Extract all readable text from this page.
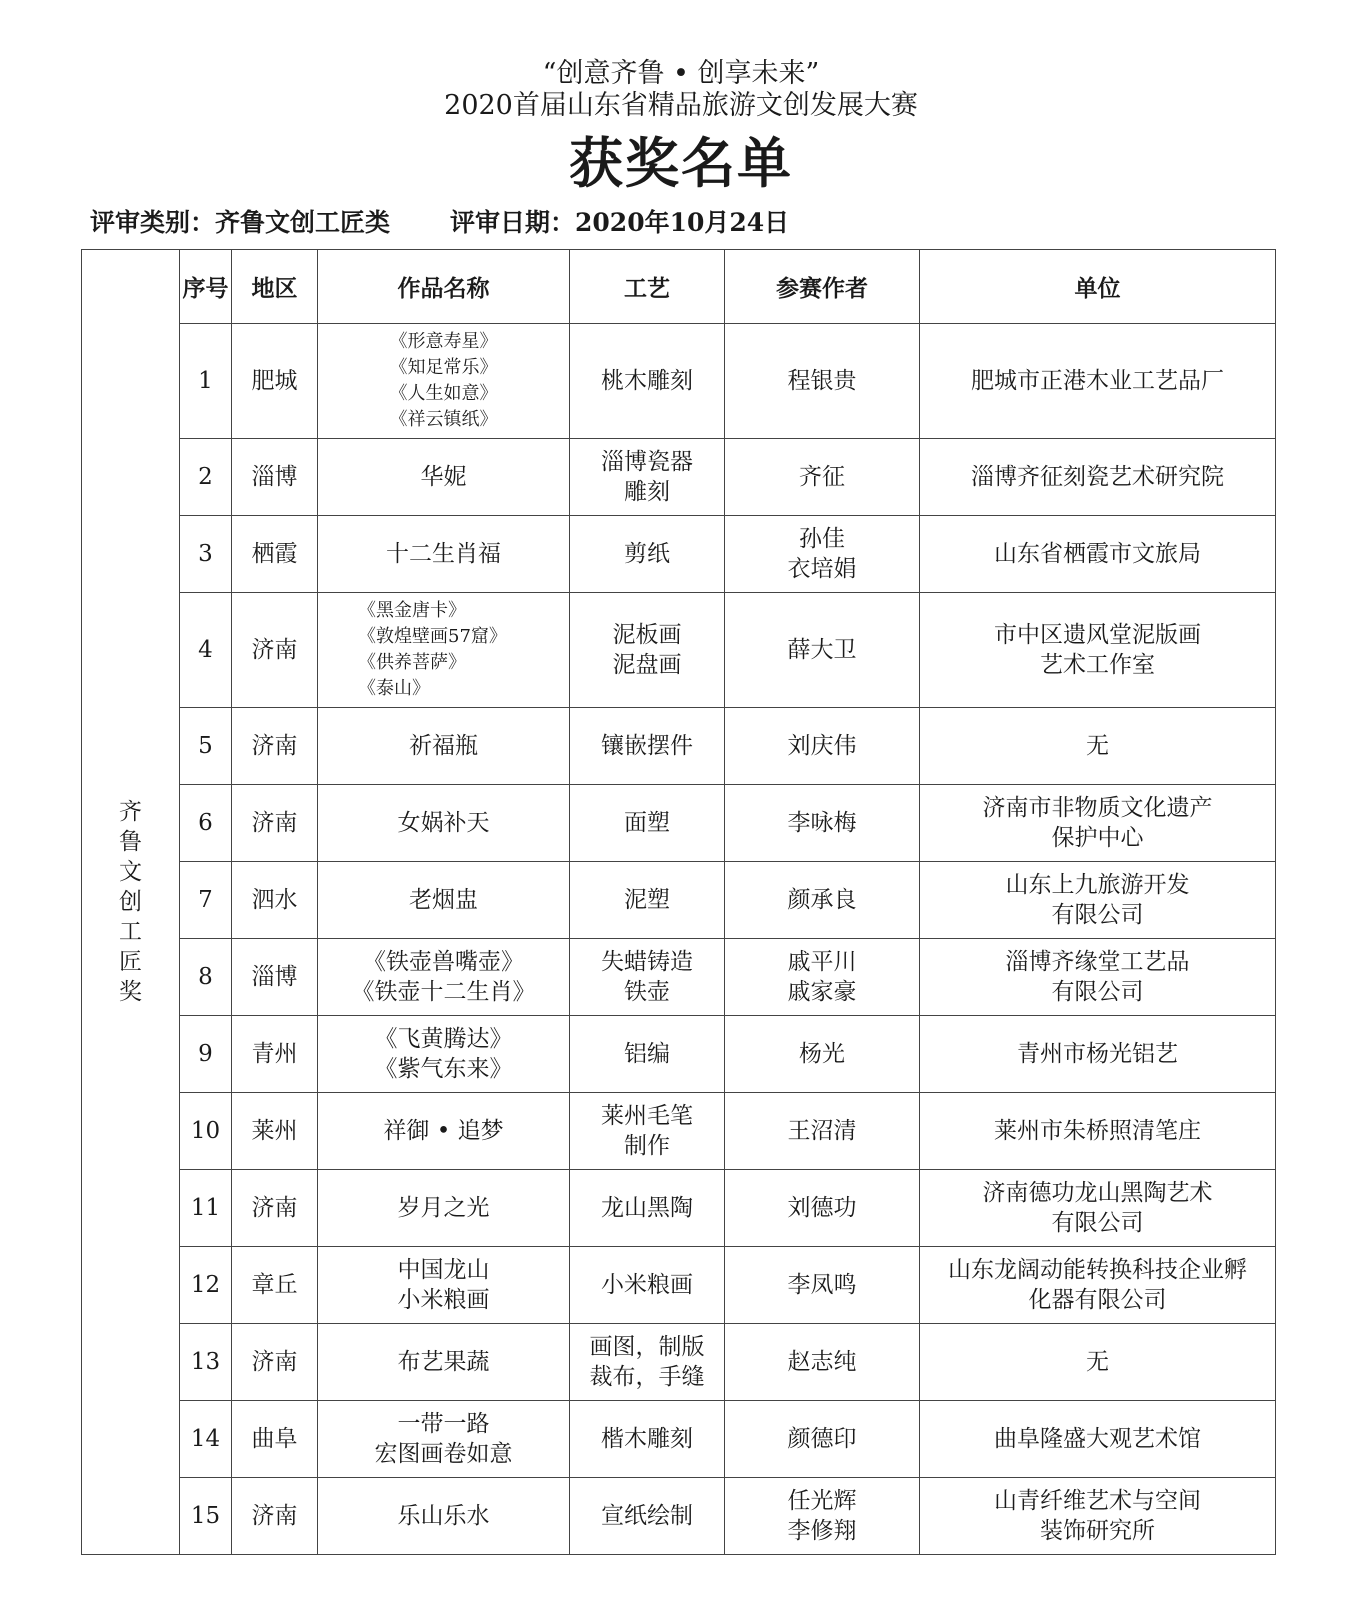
“创意齐鲁 • 创享未来”
2020首届山东省精品旅游文创发展大赛
获奖名单
评审类别：齐鲁文创工匠类 评审日期：2020年10月24日
齐鲁文创工匠奖	序号	地区	作品名称	工艺	参赛作者	单位
	1	肥城	《形意寿星》
《知足常乐》
《人生如意》
《祥云镇纸》	桃木雕刻	程银贵	肥城市正港木业工艺品厂

	2	淄博	华妮	淄博瓷器
雕刻	齐征	淄博齐征刻瓷艺术研究院

	3	栖霞	十二生肖福	剪纸	孙佳
衣培娟	山东省栖霞市文旅局

	4	济南	《黑金唐卡》
《敦煌壁画57窟》
《供养菩萨》
《泰山》	泥板画
泥盘画	薛大卫	市中区遗风堂泥版画
艺术工作室

	5	济南	祈福瓶	镶嵌摆件	刘庆伟	无

	6	济南	女娲补天	面塑	李咏梅	济南市非物质文化遗产
保护中心

	7	泗水	老烟盅	泥塑	颜承良	山东上九旅游开发
有限公司

	8	淄博	《铁壶兽嘴壶》
《铁壶十二生肖》	失蜡铸造
铁壶	戚平川
戚家豪	淄博齐缘堂工艺品
有限公司

	9	青州	《飞黄腾达》
《紫气东来》	铝编	杨光	青州市杨光铝艺

	10	莱州	祥御 • 追梦	莱州毛笔
制作	王沼清	莱州市朱桥照清笔庄

	11	济南	岁月之光	龙山黑陶	刘德功	济南德功龙山黑陶艺术
有限公司

	12	章丘	中国龙山
小米粮画	小米粮画	李凤鸣	山东龙阔动能转换科技企业孵
化器有限公司

	13	济南	布艺果蔬	画图，制版
裁布，手缝	赵志纯	无

	14	曲阜	一带一路
宏图画卷如意	楷木雕刻	颜德印	曲阜隆盛大观艺术馆

	15	济南	乐山乐水	宣纸绘制	任光辉
李修翔	山青纤维艺术与空间
装饰研究所
